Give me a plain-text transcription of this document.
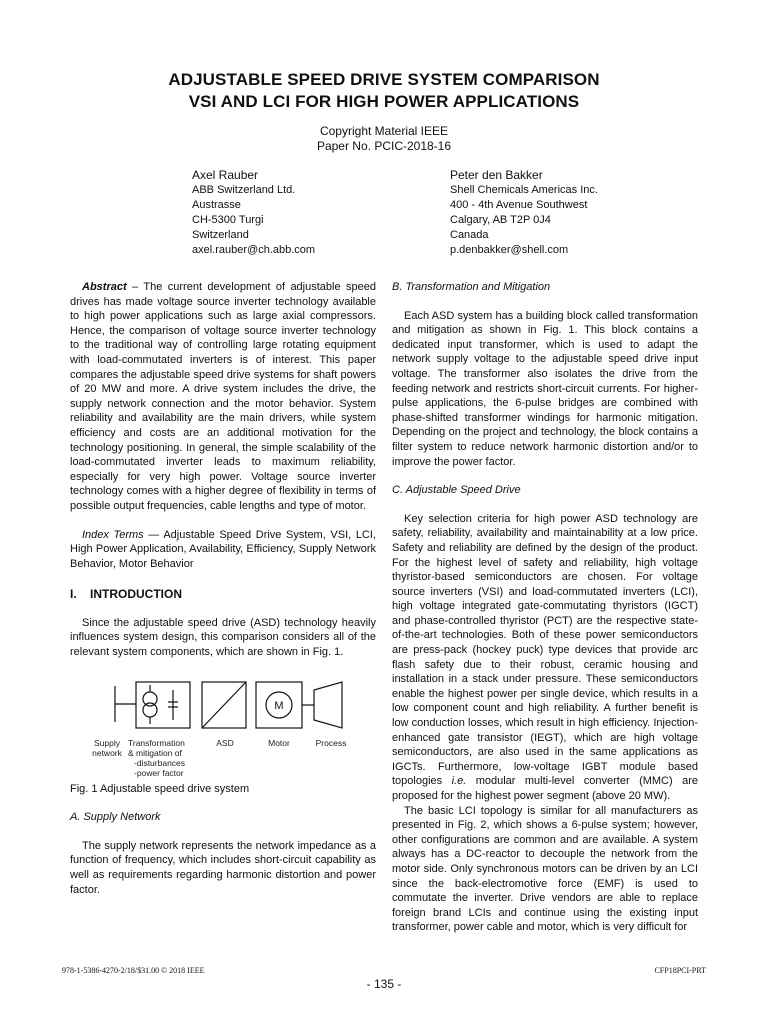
ADJUSTABLE SPEED DRIVE SYSTEM COMPARISON
VSI AND LCI FOR HIGH POWER APPLICATIONS
Copyright Material IEEE
Paper No. PCIC-2018-16
Axel Rauber
ABB Switzerland Ltd.
Austrasse
CH-5300 Turgi
Switzerland
axel.rauber@ch.abb.com
Peter den Bakker
Shell Chemicals Americas Inc.
400 - 4th Avenue Southwest
Calgary, AB T2P 0J4
Canada
p.denbakker@shell.com

Abstract – The current development of adjustable speed drives has made voltage source inverter technology available to high power applications such as large axial compressors. Hence, the comparison of voltage source inverter technology to the traditional way of controlling large rotating equipment with load-commutated inverters is of interest. This paper compares the adjustable speed drive systems for shaft powers of 20 MW and more. A drive system includes the drive, the supply network connection and the motor behavior. System reliability and availability are the main drivers, while system efficiency and costs are an additional motivation for the technology positioning. In general, the simple scalability of the load-commutated inverter leads to maximum reliability, especially for very high power. Voltage source inverter technology comes with a higher degree of flexibility in terms of possible output frequencies, cable lengths and type of motor.

Index Terms — Adjustable Speed Drive System, VSI, LCI, High Power Application, Availability, Efficiency, Supply Network Behavior, Motor Behavior

I. INTRODUCTION

Since the adjustable speed drive (ASD) technology heavily influences system design, this comparison considers all of the relevant system components, which are shown in Fig. 1.

M
Supply
network
Transformation
& mitigation of
-disturbances
-power factor
ASD	Motor	Process

Fig. 1 Adjustable speed drive system

A. Supply Network

The supply network represents the network impedance as a function of frequency, which includes short-circuit capability as well as requirements regarding harmonic distortion and power factor.

B. Transformation and Mitigation

Each ASD system has a building block called transformation and mitigation as shown in Fig. 1. This block contains a dedicated input transformer, which is used to adapt the network supply voltage to the adjustable speed drive input voltage. The transformer also isolates the drive from the feeding network and restricts short-circuit currents. For higher-pulse applications, the 6-pulse bridges are combined with phase-shifted transformer windings for harmonic mitigation. Depending on the project and technology, the block contains a filter system to reduce network harmonic distortion and/or to improve the power factor.

C. Adjustable Speed Drive

Key selection criteria for high power ASD technology are safety, reliability, availability and maintainability at a low price. Safety and reliability are defined by the design of the product. For the highest level of safety and reliability, high voltage thyristor-based semiconductors are chosen. For voltage source inverters (VSI) and load-commutated inverters (LCI), high voltage integrated gate-commutating thyristors (IGCT) and phase-controlled thyristor (PCT) are the respective state-of-the-art technologies. Both of these power semiconductors are press-pack (hockey puck) type devices that provide arc flash safety due to their robust, ceramic housing and installation in a stack under pressure. These semiconductors enable the highest power per single device, which results in a low component count and high reliability. A further benefit is low conduction losses, which result in high efficiency. Injection-enhanced gate transistor (IEGT), which are high voltage semiconductors, are also used in the same applications as IGCTs. Furthermore, low-voltage IGBT module based topologies i.e. modular multi-level converter (MMC) are proposed for the highest power segment (above 20 MW).

The basic LCI topology is similar for all manufacturers as presented in Fig. 2, which shows a 6-pulse system; however, other configurations are common and are available. A system always has a DC-reactor to decouple the network from the motor side. Only synchronous motors can be driven by an LCI since the back-electromotive force (EMF) is used to commutate the inverter. Drive vendors are able to replace foreign brand LCIs and continue using the existing input transformer, power cable and motor, which is very difficult for

978-1-5386-4270-2/18/$31.00 © 2018 IEEE	CFP18PCI-PRT
- 135 -
